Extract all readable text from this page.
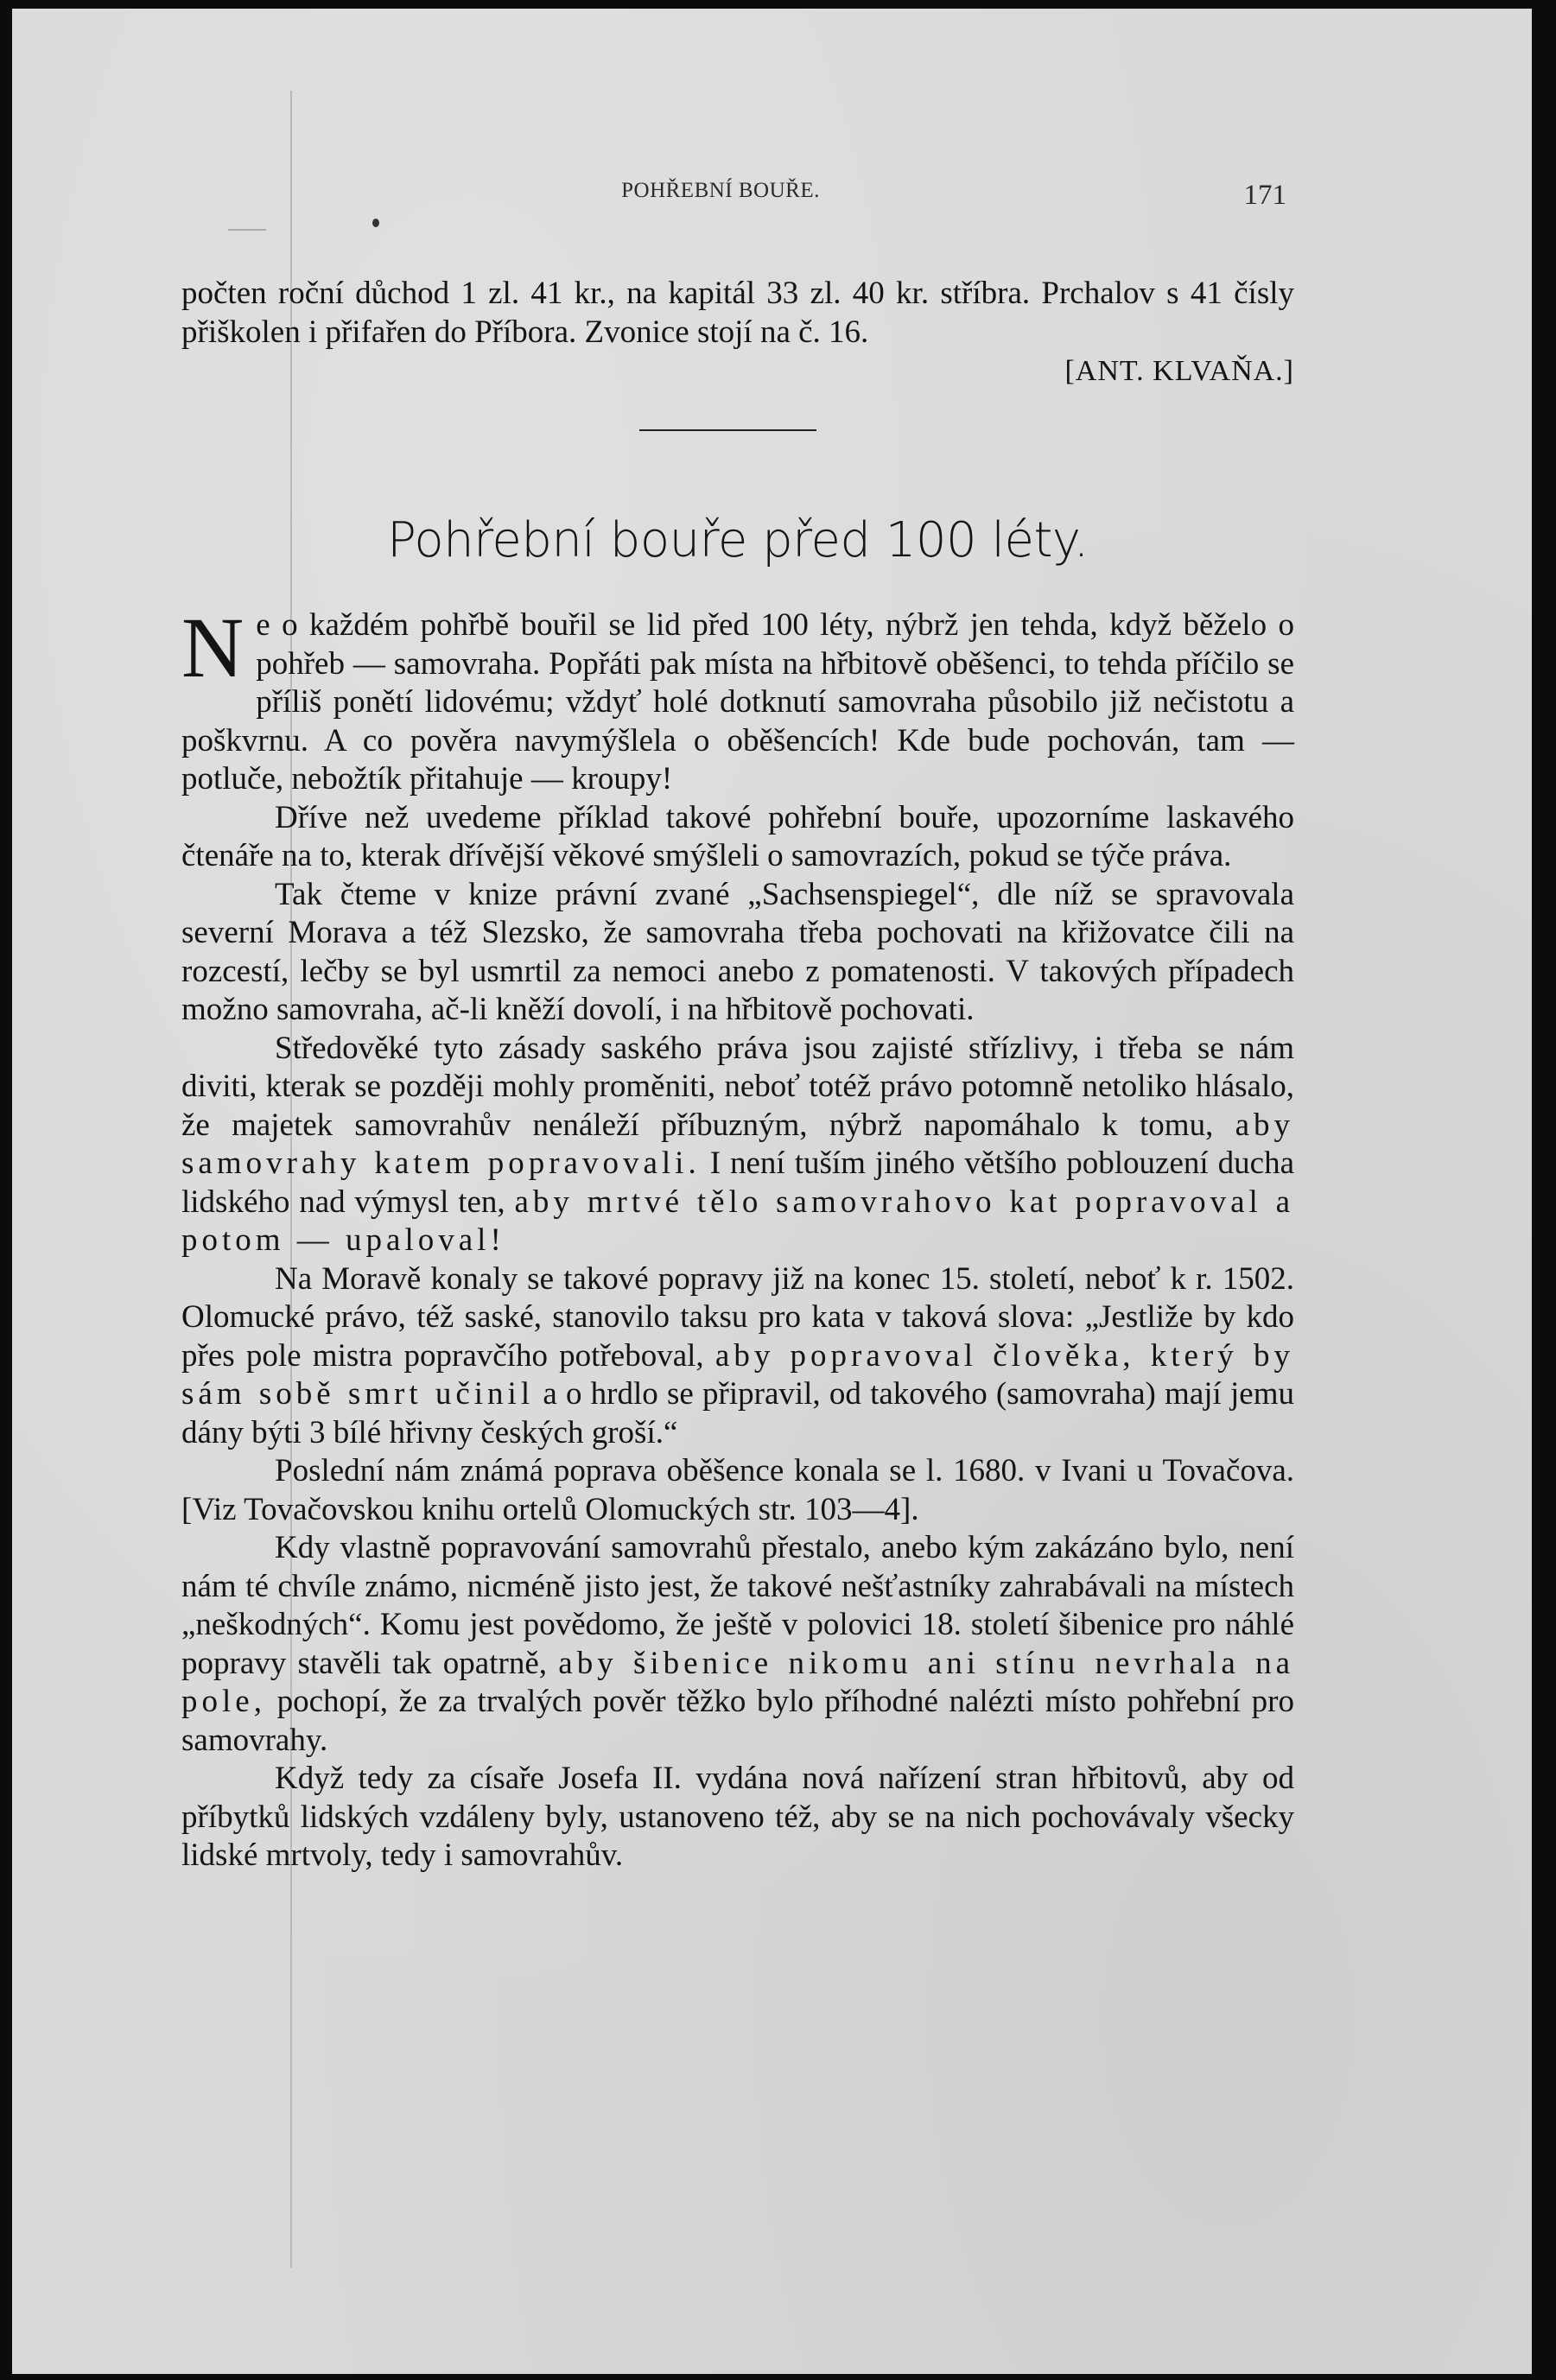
POHŘEBNÍ BOUŘE.	171

počten roční důchod 1 zl. 41 kr., na kapitál 33 zl. 40 kr. stříbra. Prchalov s 41 čísly přiškolen i přifařen do Příbora. Zvonice stojí na č. 16.

[ANT. KLVAŇA.]
Pohřební bouře před 100 léty.

Ne o každém pohřbě bouřil se lid před 100 léty, nýbrž jen tehda, když běželo o pohřeb — samovraha. Popřáti pak místa na hřbitově oběšenci, to tehda příčilo se příliš ponětí lidovému; vždyť holé dotknutí samovraha působilo již nečistotu a poškvrnu. A co pověra navymýšlela o oběšencích! Kde bude pochován, tam — potluče, nebožtík přitahuje — kroupy!

Dříve než uvedeme příklad takové pohřební bouře, upozorníme laskavého čtenáře na to, kterak dřívější věkové smýšleli o samovrazích, pokud se týče práva.

Tak čteme v knize právní zvané „Sachsenspiegel“, dle níž se spravovala severní Morava a též Slezsko, že samovraha třeba pochovati na křižovatce čili na rozcestí, lečby se byl usmrtil za nemoci anebo z pomatenosti. V takových případech možno samovraha, ač-li kněží dovolí, i na hřbitově pochovati.

Středověké tyto zásady saského práva jsou zajisté střízlivy, i třeba se nám diviti, kterak se později mohly proměniti, neboť totéž právo potomně netoliko hlásalo, že majetek samovrahův nenáleží příbuzným, nýbrž napomáhalo k tomu, aby samovrahy katem popravovali. I není tuším jiného většího poblouzení ducha lidského nad výmysl ten, aby mrtvé tělo samovrahovo kat popravoval a potom — upaloval!

Na Moravě konaly se takové popravy již na konec 15. století, neboť k r. 1502. Olomucké právo, též saské, stanovilo taksu pro kata v taková slova: „Jestliže by kdo přes pole mistra popravčího potřeboval, aby popravoval člověka, který by sám sobě smrt učinil a o hrdlo se připravil, od takového (samovraha) mají jemu dány býti 3 bílé hřivny českých groší.“

Poslední nám známá poprava oběšence konala se l. 1680. v Ivani u Tovačova. [Viz Tovačovskou knihu ortelů Olomuckých str. 103—4].

Kdy vlastně popravování samovrahů přestalo, anebo kým zakázáno bylo, není nám té chvíle známo, nicméně jisto jest, že takové nešťastníky zahrabávali na místech „neškodných“. Komu jest povědomo, že ještě v polovici 18. století šibenice pro náhlé popravy stavěli tak opatrně, aby šibenice nikomu ani stínu nevrhala na pole, pochopí, že za trvalých pověr těžko bylo příhodné nalézti místo pohřební pro samovrahy.

Když tedy za císaře Josefa II. vydána nová nařízení stran hřbitovů, aby od příbytků lidských vzdáleny byly, ustanoveno též, aby se na nich pochovávaly všecky lidské mrtvoly, tedy i samovrahův.
